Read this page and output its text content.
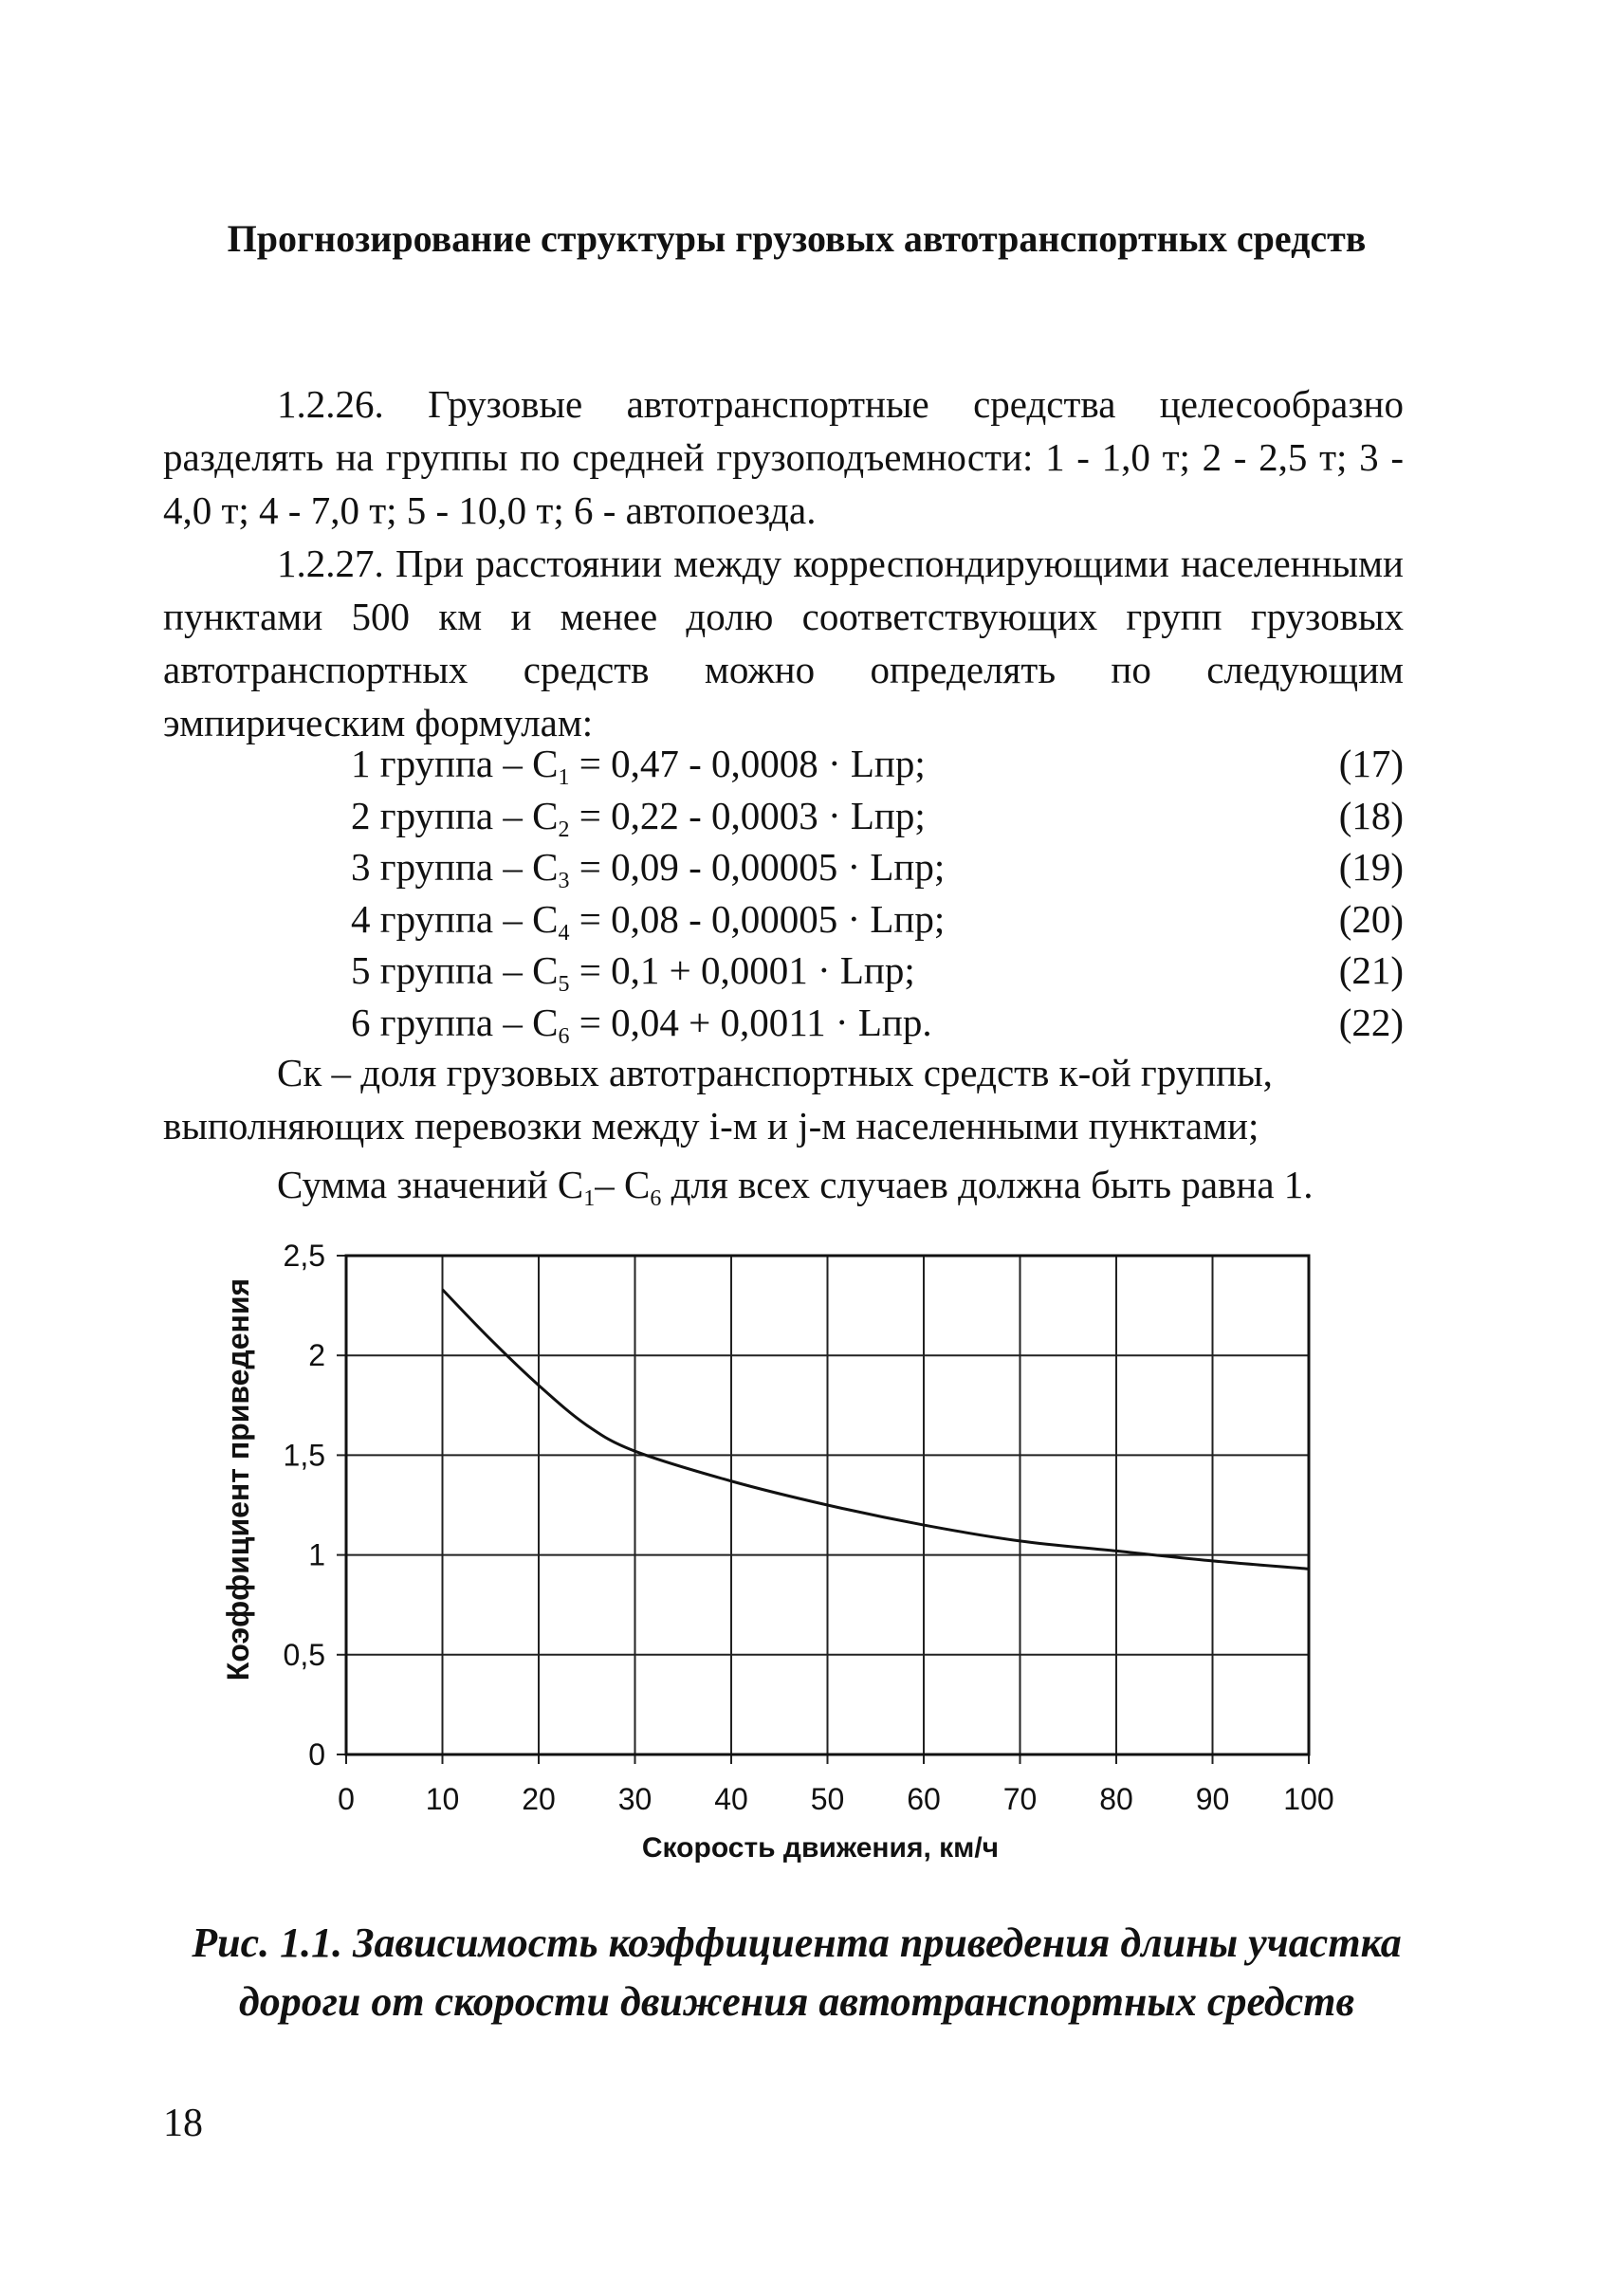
Прогнозирование структуры грузовых автотранспортных средств
1.2.26. Грузовые автотранспортные средства целесообразно разделять на группы по средней грузоподъемности: 1 - 1,0 т; 2 - 2,5 т; 3 - 4,0 т; 4 - 7,0 т; 5 - 10,0 т; 6 - автопоезда.
1.2.27. При расстоянии между корреспондирующими населенными пунктами 500 км и менее долю соответствующих групп грузовых автотранспортных средств можно определять по следующим эмпирическим формулам:
1 группа – $C_1 = 0,47 - 0,0008$ · Lпр;	(17)
2 группа – $C_2 = 0,22 - 0,0003$ · Lпр;	(18)
3 группа – $C_3 = 0,09 - 0,00005$ · Lпр;	(19)
4 группа – $C_4 = 0,08 - 0,00005$ · Lпр;	(20)
5 группа – $C_5 = 0,1 + 0,0001$ · Lпр;	(21)
6 группа – $C_6 = 0,04 + 0,0011$ · Lпр.	(22)
Ск – доля грузовых автотранспортных средств к-ой группы, выполняющих перевозки между i-м и j-м населенными пунктами;
Сумма значений $C_1-$ $C_6$ для всех случаев должна быть равна 1.
0 10 20 30 40 50 60 70 80 90 100
0
0,5
1
1,5
2
2,5
Скорость движения, км/ч
Коэффициент приведения
Рис. 1.1. Зависимость коэффициента приведения длины участка дороги от скорости движения автотранспортных средств
18
